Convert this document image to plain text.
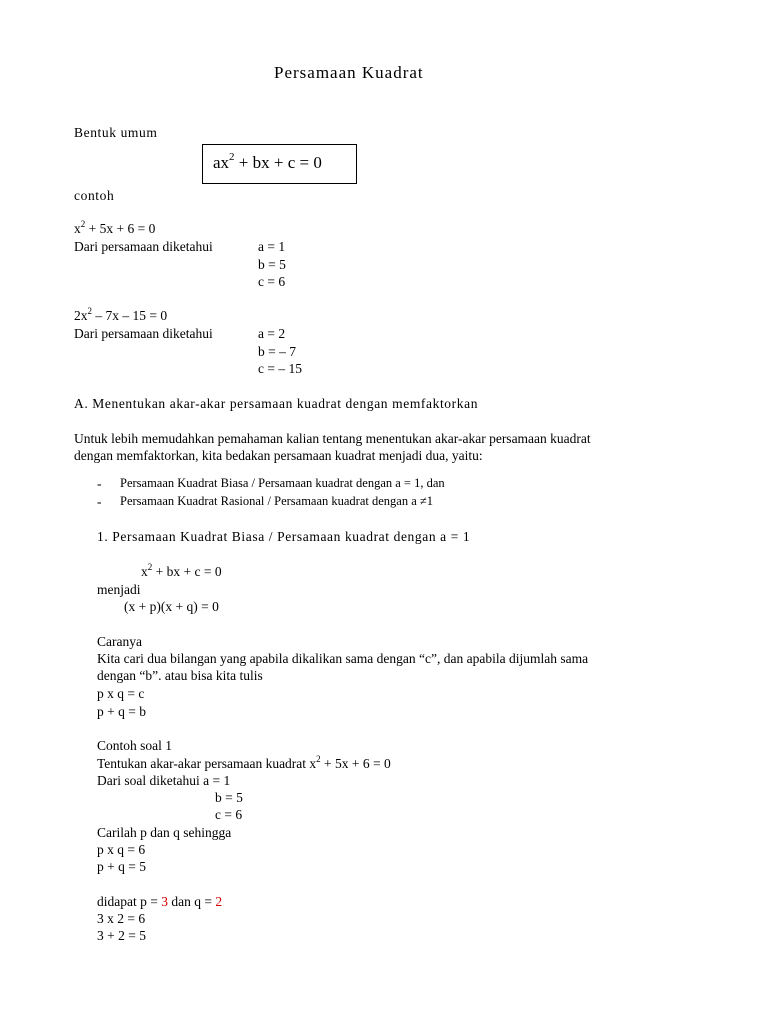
Persamaan Kuadrat
Bentuk umum
$ax^2$ + bx + c = 0
contoh
$x^2 + 5x + 6 = 0$
Dari persamaan diketahui	a = 1
b = 5
c = 6
$2x^2 - 7x - 15 = 0$
Dari persamaan diketahui	a = 2
b = – 7
c = – 15
A. Menentukan akar-akar persamaan kuadrat dengan memfaktorkan
Untuk lebih memudahkan pemahaman kalian tentang menentukan akar-akar persamaan kuadrat
dengan memfaktorkan, kita bedakan persamaan kuadrat menjadi dua, yaitu:
- Persamaan Kuadrat Biasa / Persamaan kuadrat dengan a = 1, dan
- Persamaan Kuadrat Rasional / Persamaan kuadrat dengan a ≠1
1. Persamaan Kuadrat Biasa / Persamaan kuadrat dengan a = 1
$x^2$ + bx + c = 0
menjadi
(x + p)(x + q) = 0
Caranya
Kita cari dua bilangan yang apabila dikalikan sama dengan “c”, dan apabila dijumlah sama
dengan “b”. atau bisa kita tulis
p x q = c
p + q = b
Contoh soal 1
Tentukan akar-akar persamaan kuadrat $x^2 + 5x + 6 = 0$
Dari soal diketahui a = 1
b = 5
c = 6
Carilah p dan q sehingga
p x q = 6
p + q = 5
didapat p = 3 dan q = 2
3 x 2 = 6
3 + 2 = 5
